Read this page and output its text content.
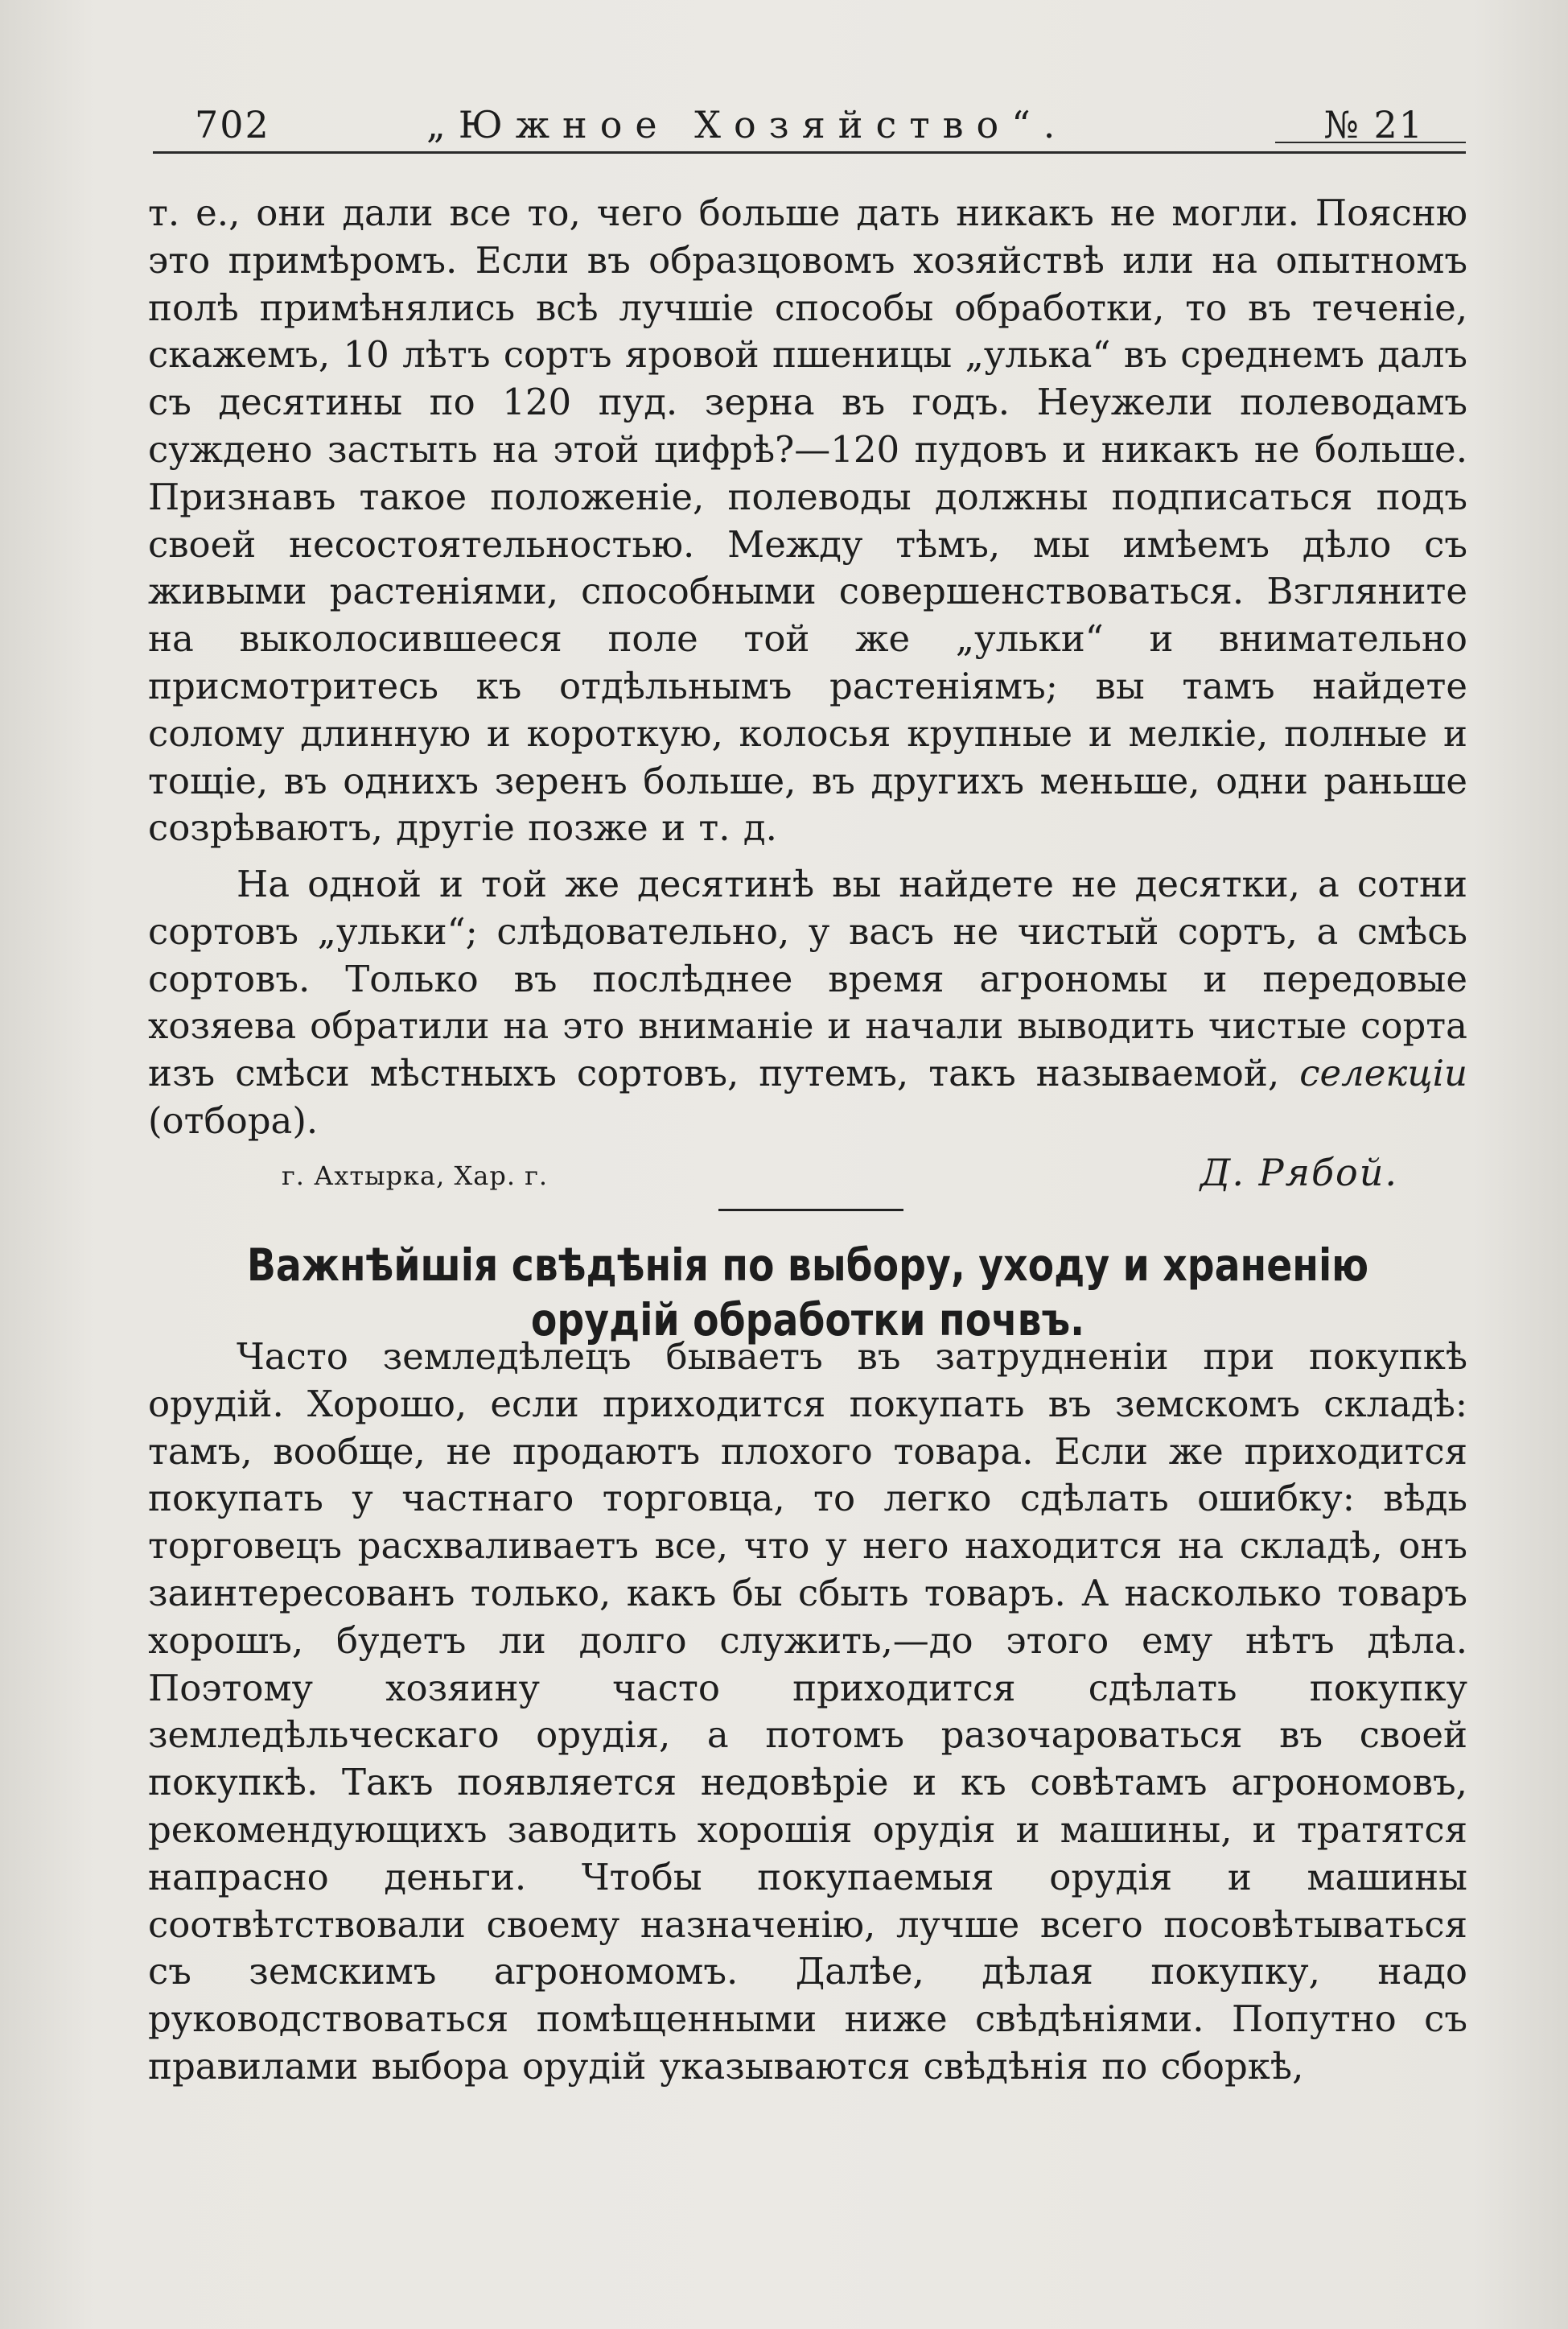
702	„Южное Хозяйство“.	№ 21

т. е., они дали все то, чего больше дать никакъ не могли. Поясню это примѣромъ. Если въ образцовомъ хозяйствѣ или на опытномъ полѣ примѣнялись всѣ лучшіе способы обработки, то въ теченіе, скажемъ, 10 лѣтъ сортъ яровой пшеницы „улька“ въ среднемъ далъ съ десятины по 120 пуд. зерна въ годъ. Неужели полеводамъ суждено застыть на этой цифрѣ?—120 пудовъ и никакъ не больше. Признавъ такое положеніе, полеводы должны подписаться подъ своей несостоятельностью. Между тѣмъ, мы имѣемъ дѣло съ живыми растеніями, способными совершенствоваться. Взгляните на выколосившееся поле той же „ульки“ и внимательно присмотритесь къ отдѣльнымъ растеніямъ; вы тамъ найдете солому длинную и короткую, колосья крупные и мелкіе, полные и тощіе, въ однихъ зеренъ больше, въ другихъ меньше, одни раньше созрѣваютъ, другіе позже и т. д.

На одной и той же десятинѣ вы найдете не десятки, а сотни сортовъ „ульки“; слѣдовательно, у васъ не чистый сортъ, а смѣсь сортовъ. Только въ послѣднее время агрономы и передовые хозяева обратили на это вниманіе и начали выводить чистые сорта изъ смѣси мѣстныхъ сортовъ, путемъ, такъ называемой, селекціи (отбора).

г. Ахтырка, Хар. г.	Д. Рябой.
Важнѣйшія свѣдѣнія по выбору, уходу и храненію
орудій обработки почвъ.

Часто земледѣлецъ бываетъ въ затрудненіи при покупкѣ орудій. Хорошо, если приходится покупать въ земскомъ складѣ: тамъ, вообще, не продаютъ плохого товара. Если же приходится покупать у частнаго торговца, то легко сдѣлать ошибку: вѣдь торговецъ расхваливаетъ все, что у него находится на складѣ, онъ заинтересованъ только, какъ бы сбыть товаръ. А насколько товаръ хорошъ, будетъ ли долго служить,—до этого ему нѣтъ дѣла. Поэтому хозяину часто приходится сдѣлать покупку земледѣльческаго орудія, а потомъ разочароваться въ своей покупкѣ. Такъ появляется недовѣріе и къ совѣтамъ агрономовъ, рекомендующихъ заводить хорошія орудія и машины, и тратятся напрасно деньги. Чтобы покупаемыя орудія и машины соотвѣтствовали своему назначенію, лучше всего посовѣтываться съ земскимъ агрономомъ. Далѣе, дѣлая покупку, надо руководствоваться помѣщенными ниже свѣдѣніями. Попутно съ правилами выбора орудій указываются свѣдѣнія по сборкѣ,
